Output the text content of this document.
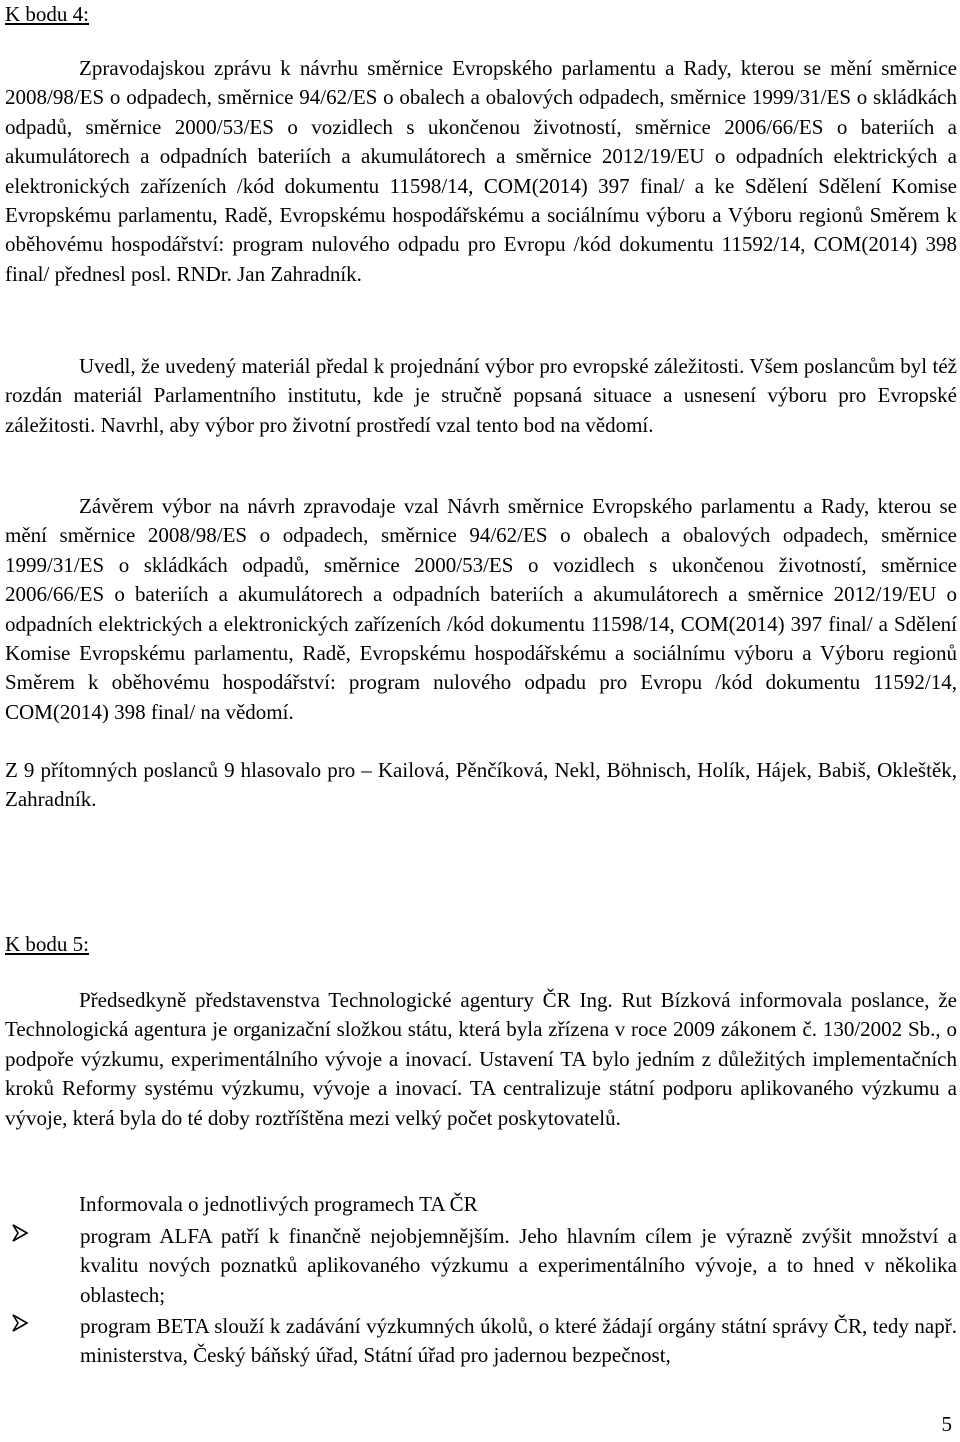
K bodu 4:

Zpravodajskou zprávu k návrhu směrnice Evropského parlamentu a Rady, kterou se mění směrnice 2008/98/ES o odpadech, směrnice 94/62/ES o obalech a obalových odpadech, směrnice 1999/31/ES o skládkách odpadů, směrnice 2000/53/ES o vozidlech s ukončenou životností, směrnice 2006/66/ES o bateriích a akumulátorech a odpadních bateriích a akumulátorech a směrnice 2012/19/EU o odpadních elektrických a elektronických zařízeních /kód dokumentu 11598/14, COM(2014) 397 final/ a ke Sdělení Sdělení Komise Evropskému parlamentu, Radě, Evropskému hospodářskému a sociálnímu výboru a Výboru regionů Směrem k oběhovému hospodářství: program nulového odpadu pro Evropu /kód dokumentu 11592/14, COM(2014) 398 final/ přednesl posl. RNDr. Jan Zahradník.

Uvedl, že uvedený materiál předal k projednání výbor pro evropské záležitosti. Všem poslancům byl též rozdán materiál Parlamentního institutu, kde je stručně popsaná situace a usnesení výboru pro Evropské záležitosti. Navrhl, aby výbor pro životní prostředí vzal tento bod na vědomí.

Závěrem výbor na návrh zpravodaje vzal Návrh směrnice Evropského parlamentu a Rady, kterou se mění směrnice 2008/98/ES o odpadech, směrnice 94/62/ES o obalech a obalových odpadech, směrnice 1999/31/ES o skládkách odpadů, směrnice 2000/53/ES o vozidlech s ukončenou životností, směrnice 2006/66/ES o bateriích a akumulátorech a odpadních bateriích a akumulátorech a směrnice 2012/19/EU o odpadních elektrických a elektronických zařízeních /kód dokumentu 11598/14, COM(2014) 397 final/ a Sdělení Komise Evropskému parlamentu, Radě, Evropskému hospodářskému a sociálnímu výboru a Výboru regionů Směrem k oběhovému hospodářství: program nulového odpadu pro Evropu /kód dokumentu 11592/14, COM(2014) 398 final/ na vědomí.

Z 9 přítomných poslanců 9 hlasovalo pro – Kailová, Pěnčíková, Nekl, Böhnisch, Holík, Hájek, Babiš, Okleštěk, Zahradník.

K bodu 5:

Předsedkyně představenstva Technologické agentury ČR Ing. Rut Bízková informovala poslance, že Technologická agentura je organizační složkou státu, která byla zřízena v roce 2009 zákonem č. 130/2002 Sb., o podpoře výzkumu, experimentálního vývoje a inovací. Ustavení TA bylo jedním z důležitých implementačních kroků Reformy systému výzkumu, vývoje a inovací. TA centralizuje státní podporu aplikovaného výzkumu a vývoje, která byla do té doby roztříštěna mezi velký počet poskytovatelů.

Informovala o jednotlivých programech TA ČR

program ALFA patří k finančně nejobjemnějším. Jeho hlavním cílem je výrazně zvýšit množství a kvalitu nových poznatků aplikovaného výzkumu a experimentálního vývoje, a to hned v několika oblastech;

program BETA slouží k zadávání výzkumných úkolů, o které žádají orgány státní správy ČR, tedy např. ministerstva, Český báňský úřad, Státní úřad pro jadernou bezpečnost,

5
